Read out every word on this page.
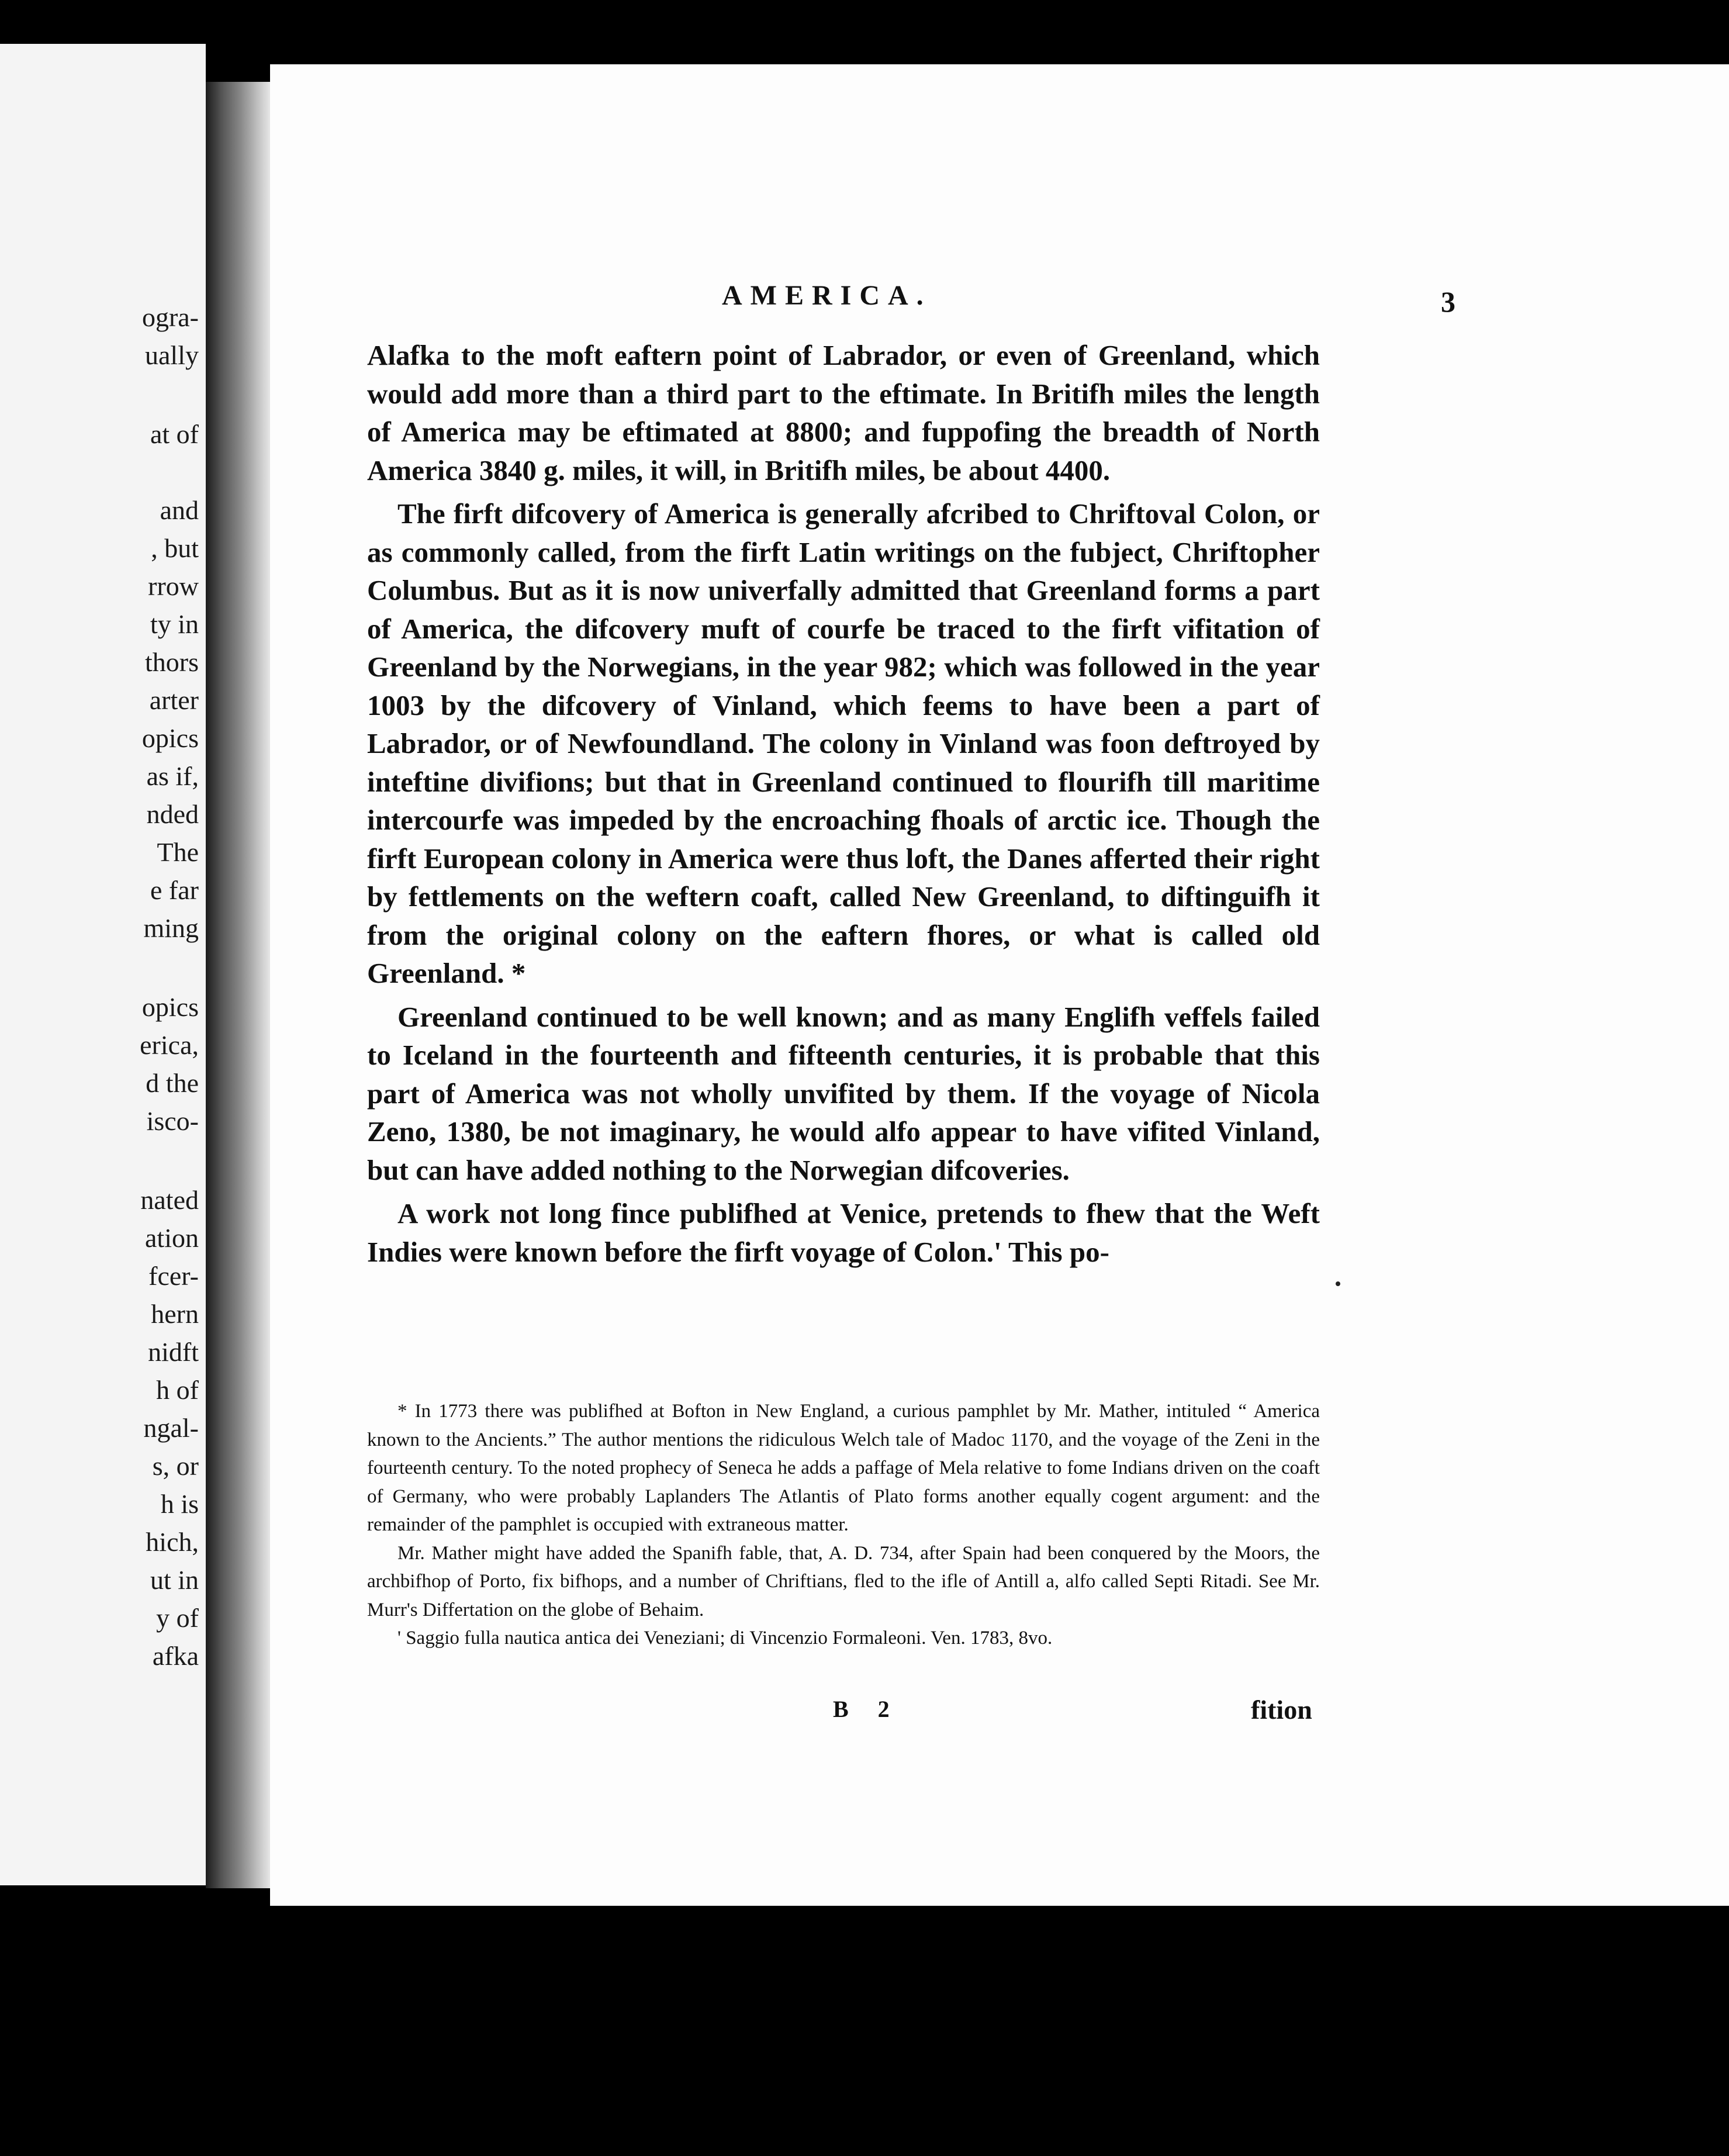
ogra-
ually
at of
and
, but
rrow
ty in
thors
arter
opics
as if,
nded
The
e far
ming
opics
erica,
d the
isco-
nated
ation
fcer-
hern
nidft
h of
ngal-
s, or
h is
hich,
ut in
y of
afka
AMERICA.	3

Alafka to the moft eaftern point of Labrador, or even of Greenland, which would add more than a third part to the eftimate. In Britifh miles the length of America may be eftimated at 8800; and fuppofing the breadth of North America 3840 g. miles, it will, in Britifh miles, be about 4400.

The firft difcovery of America is generally afcribed to Chriftoval Colon, or as commonly called, from the firft Latin writings on the fubject, Chriftopher Columbus. But as it is now univerfally admitted that Greenland forms a part of America, the difcovery muft of courfe be traced to the firft vifitation of Greenland by the Norwegians, in the year 982; which was followed in the year 1003 by the difcovery of Vinland, which feems to have been a part of Labrador, or of Newfoundland. The colony in Vinland was foon deftroyed by inteftine divifions; but that in Greenland continued to flourifh till maritime intercourfe was impeded by the encroaching fhoals of arctic ice. Though the firft European colony in America were thus loft, the Danes afferted their right by fettlements on the weftern coaft, called New Greenland, to diftinguifh it from the original colony on the eaftern fhores, or what is called old Greenland. *

Greenland continued to be well known; and as many Englifh veffels failed to Iceland in the fourteenth and fifteenth centuries, it is probable that this part of America was not wholly unvifited by them. If the voyage of Nicola Zeno, 1380, be not imaginary, he would alfo appear to have vifited Vinland, but can have added nothing to the Norwegian difcoveries.

A work not long fince publifhed at Venice, pretends to fhew that the Weft Indies were known before the firft voyage of Colon.' This po-

* In 1773 there was publifhed at Bofton in New England, a curious pamphlet by Mr. Mather, intituled “ America known to the Ancients.” The author mentions the ridiculous Welch tale of Madoc 1170, and the voyage of the Zeni in the fourteenth century. To the noted prophecy of Seneca he adds a paffage of Mela relative to fome Indians driven on the coaft of Germany, who were probably Laplanders The Atlantis of Plato forms another equally cogent argument: and the remainder of the pamphlet is occupied with extraneous matter.

Mr. Mather might have added the Spanifh fable, that, A. D. 734, after Spain had been conquered by the Moors, the archbifhop of Porto, fix bifhops, and a number of Chriftians, fled to the ifle of Antill a, alfo called Septi Ritadi. See Mr. Murr's Differtation on the globe of Behaim.

' Saggio fulla nautica antica dei Veneziani; di Vincenzio Formaleoni. Ven. 1783, 8vo.

B 2	fition
